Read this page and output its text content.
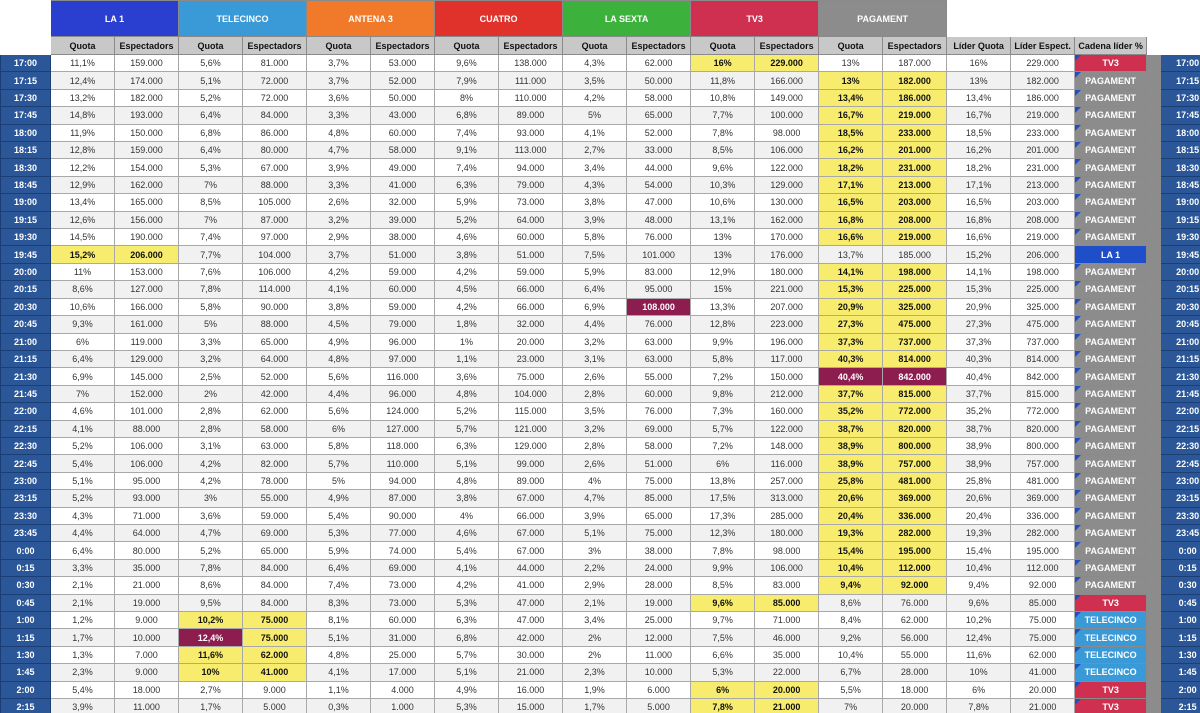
	LA 1		TELECINCO		ANTENA 3		CUATRO		LA SEXTA		TV3		PAGAMENT						
	Quota	Espectadors	Quota	Espectadors	Quota	Espectadors	Quota	Espectadors	Quota	Espectadors	Quota	Espectadors	Quota	Espectadors	Líder Quota	Líder Espect.	Cadena líder %		
17:00	11,1%	159.000	5,6%	81.000	3,7%	53.000	9,6%	138.000	4,3%	62.000	16%	229.000	13%	187.000	16%	229.000	TV3		17:00
17:15	12,4%	174.000	5,1%	72.000	3,7%	52.000	7,9%	111.000	3,5%	50.000	11,8%	166.000	13%	182.000	13%	182.000	PAGAMENT		17:15
17:30	13,2%	182.000	5,2%	72.000	3,6%	50.000	8%	110.000	4,2%	58.000	10,8%	149.000	13,4%	186.000	13,4%	186.000	PAGAMENT		17:30
17:45	14,8%	193.000	6,4%	84.000	3,3%	43.000	6,8%	89.000	5%	65.000	7,7%	100.000	16,7%	219.000	16,7%	219.000	PAGAMENT		17:45
18:00	11,9%	150.000	6,8%	86.000	4,8%	60.000	7,4%	93.000	4,1%	52.000	7,8%	98.000	18,5%	233.000	18,5%	233.000	PAGAMENT		18:00
18:15	12,8%	159.000	6,4%	80.000	4,7%	58.000	9,1%	113.000	2,7%	33.000	8,5%	106.000	16,2%	201.000	16,2%	201.000	PAGAMENT		18:15
18:30	12,2%	154.000	5,3%	67.000	3,9%	49.000	7,4%	94.000	3,4%	44.000	9,6%	122.000	18,2%	231.000	18,2%	231.000	PAGAMENT		18:30
18:45	12,9%	162.000	7%	88.000	3,3%	41.000	6,3%	79.000	4,3%	54.000	10,3%	129.000	17,1%	213.000	17,1%	213.000	PAGAMENT		18:45
19:00	13,4%	165.000	8,5%	105.000	2,6%	32.000	5,9%	73.000	3,8%	47.000	10,6%	130.000	16,5%	203.000	16,5%	203.000	PAGAMENT		19:00
19:15	12,6%	156.000	7%	87.000	3,2%	39.000	5,2%	64.000	3,9%	48.000	13,1%	162.000	16,8%	208.000	16,8%	208.000	PAGAMENT		19:15
19:30	14,5%	190.000	7,4%	97.000	2,9%	38.000	4,6%	60.000	5,8%	76.000	13%	170.000	16,6%	219.000	16,6%	219.000	PAGAMENT		19:30
19:45	15,2%	206.000	7,7%	104.000	3,7%	51.000	3,8%	51.000	7,5%	101.000	13%	176.000	13,7%	185.000	15,2%	206.000	LA 1		19:45
20:00	11%	153.000	7,6%	106.000	4,2%	59.000	4,2%	59.000	5,9%	83.000	12,9%	180.000	14,1%	198.000	14,1%	198.000	PAGAMENT		20:00
20:15	8,6%	127.000	7,8%	114.000	4,1%	60.000	4,5%	66.000	6,4%	95.000	15%	221.000	15,3%	225.000	15,3%	225.000	PAGAMENT		20:15
20:30	10,6%	166.000	5,8%	90.000	3,8%	59.000	4,2%	66.000	6,9%	108.000	13,3%	207.000	20,9%	325.000	20,9%	325.000	PAGAMENT		20:30
20:45	9,3%	161.000	5%	88.000	4,5%	79.000	1,8%	32.000	4,4%	76.000	12,8%	223.000	27,3%	475.000	27,3%	475.000	PAGAMENT		20:45
21:00	6%	119.000	3,3%	65.000	4,9%	96.000	1%	20.000	3,2%	63.000	9,9%	196.000	37,3%	737.000	37,3%	737.000	PAGAMENT		21:00
21:15	6,4%	129.000	3,2%	64.000	4,8%	97.000	1,1%	23.000	3,1%	63.000	5,8%	117.000	40,3%	814.000	40,3%	814.000	PAGAMENT		21:15
21:30	6,9%	145.000	2,5%	52.000	5,6%	116.000	3,6%	75.000	2,6%	55.000	7,2%	150.000	40,4%	842.000	40,4%	842.000	PAGAMENT		21:30
21:45	7%	152.000	2%	42.000	4,4%	96.000	4,8%	104.000	2,8%	60.000	9,8%	212.000	37,7%	815.000	37,7%	815.000	PAGAMENT		21:45
22:00	4,6%	101.000	2,8%	62.000	5,6%	124.000	5,2%	115.000	3,5%	76.000	7,3%	160.000	35,2%	772.000	35,2%	772.000	PAGAMENT		22:00
22:15	4,1%	88.000	2,8%	58.000	6%	127.000	5,7%	121.000	3,2%	69.000	5,7%	122.000	38,7%	820.000	38,7%	820.000	PAGAMENT		22:15
22:30	5,2%	106.000	3,1%	63.000	5,8%	118.000	6,3%	129.000	2,8%	58.000	7,2%	148.000	38,9%	800.000	38,9%	800.000	PAGAMENT		22:30
22:45	5,4%	106.000	4,2%	82.000	5,7%	110.000	5,1%	99.000	2,6%	51.000	6%	116.000	38,9%	757.000	38,9%	757.000	PAGAMENT		22:45
23:00	5,1%	95.000	4,2%	78.000	5%	94.000	4,8%	89.000	4%	75.000	13,8%	257.000	25,8%	481.000	25,8%	481.000	PAGAMENT		23:00
23:15	5,2%	93.000	3%	55.000	4,9%	87.000	3,8%	67.000	4,7%	85.000	17,5%	313.000	20,6%	369.000	20,6%	369.000	PAGAMENT		23:15
23:30	4,3%	71.000	3,6%	59.000	5,4%	90.000	4%	66.000	3,9%	65.000	17,3%	285.000	20,4%	336.000	20,4%	336.000	PAGAMENT		23:30
23:45	4,4%	64.000	4,7%	69.000	5,3%	77.000	4,6%	67.000	5,1%	75.000	12,3%	180.000	19,3%	282.000	19,3%	282.000	PAGAMENT		23:45
0:00	6,4%	80.000	5,2%	65.000	5,9%	74.000	5,4%	67.000	3%	38.000	7,8%	98.000	15,4%	195.000	15,4%	195.000	PAGAMENT		0:00
0:15	3,3%	35.000	7,8%	84.000	6,4%	69.000	4,1%	44.000	2,2%	24.000	9,9%	106.000	10,4%	112.000	10,4%	112.000	PAGAMENT		0:15
0:30	2,1%	21.000	8,6%	84.000	7,4%	73.000	4,2%	41.000	2,9%	28.000	8,5%	83.000	9,4%	92.000	9,4%	92.000	PAGAMENT		0:30
0:45	2,1%	19.000	9,5%	84.000	8,3%	73.000	5,3%	47.000	2,1%	19.000	9,6%	85.000	8,6%	76.000	9,6%	85.000	TV3		0:45
1:00	1,2%	9.000	10,2%	75.000	8,1%	60.000	6,3%	47.000	3,4%	25.000	9,7%	71.000	8,4%	62.000	10,2%	75.000	TELECINCO		1:00
1:15	1,7%	10.000	12,4%	75.000	5,1%	31.000	6,8%	42.000	2%	12.000	7,5%	46.000	9,2%	56.000	12,4%	75.000	TELECINCO		1:15
1:30	1,3%	7.000	11,6%	62.000	4,8%	25.000	5,7%	30.000	2%	11.000	6,6%	35.000	10,4%	55.000	11,6%	62.000	TELECINCO		1:30
1:45	2,3%	9.000	10%	41.000	4,1%	17.000	5,1%	21.000	2,3%	10.000	5,3%	22.000	6,7%	28.000	10%	41.000	TELECINCO		1:45
2:00	5,4%	18.000	2,7%	9.000	1,1%	4.000	4,9%	16.000	1,9%	6.000	6%	20.000	5,5%	18.000	6%	20.000	TV3		2:00
2:15	3,9%	11.000	1,7%	5.000	0,3%	1.000	5,3%	15.000	1,7%	5.000	7,8%	21.000	7%	20.000	7,8%	21.000	TV3		2:15
